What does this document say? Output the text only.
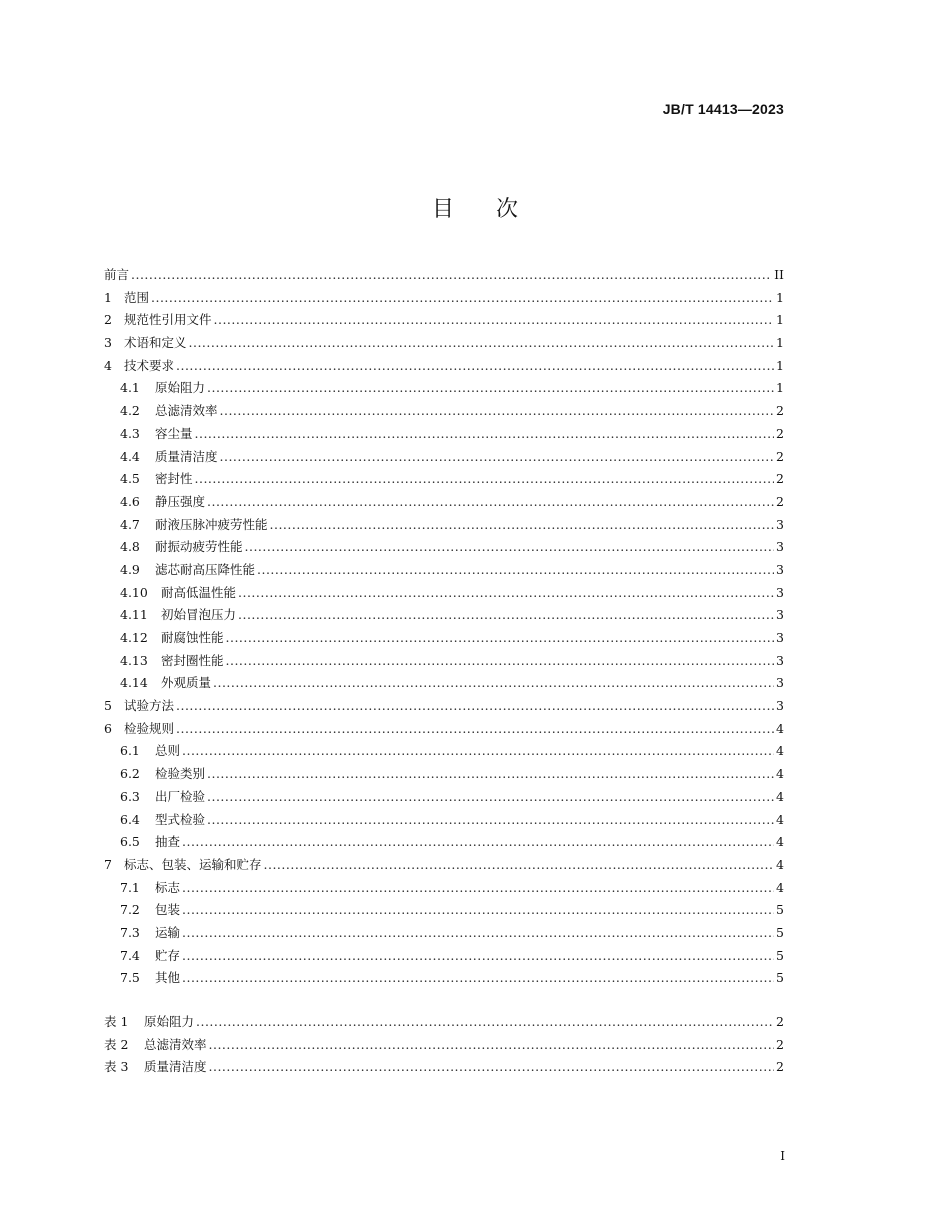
JB/T 14413—2023
目 次
前言 .....	II
1 范围 .....	1
2 规范性引用文件 .....	1
3 术语和定义 .....	1
4 技术要求 .....	1
4.1	原始阻力 .....	1
4.2	总滤清效率 .....	2
4.3	容尘量 .....	2
4.4	质量清洁度 .....	2
4.5	密封性 .....	2
4.6	静压强度 .....	2
4.7	耐液压脉冲疲劳性能 .....	3
4.8	耐振动疲劳性能 .....	3
4.9	滤芯耐高压降性能 .....	3
4.10	耐高低温性能 .....	3
4.11	初始冒泡压力 .....	3
4.12	耐腐蚀性能 .....	3
4.13	密封圈性能 .....	3
4.14	外观质量 .....	3
5 试验方法 .....	3
6 检验规则 .....	4
6.1	总则 .....	4
6.2	检验类别 .....	4
6.3	出厂检验 .....	4
6.4	型式检验 .....	4
6.5	抽查 .....	4
7 标志、包装、运输和贮存 .....	4
7.1	标志 .....	4
7.2	包装 .....	5
7.3	运输 .....	5
7.4	贮存 .....	5
7.5	其他 .....	5
表 1	原始阻力 .....	2
表 2	总滤清效率 .....	2
表 3	质量清洁度 .....	2
I
